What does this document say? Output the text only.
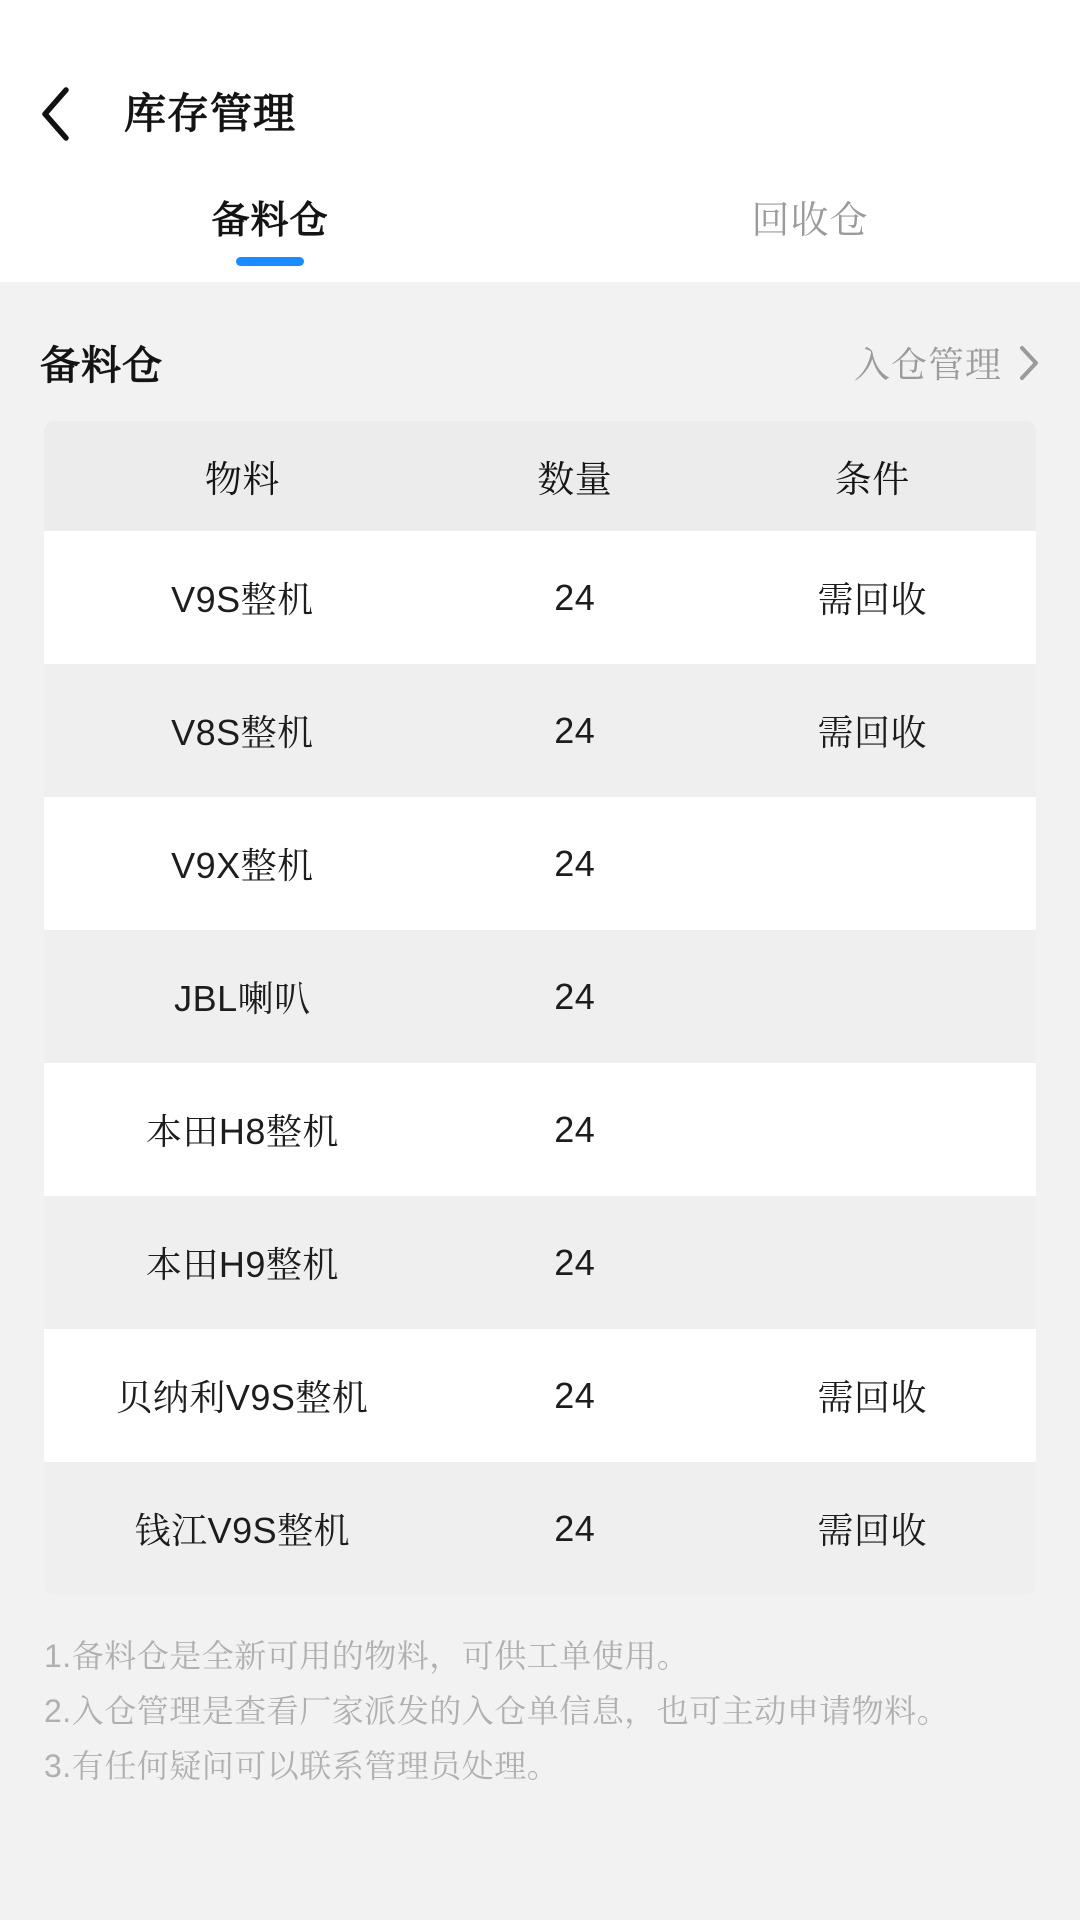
库存管理
备料仓	回收仓
备料仓	入仓管理
物料	数量	条件
V9S整机	24	需回收
V8S整机	24	需回收
V9X整机	24
JBL喇叭	24
本田H8整机	24
本田H9整机	24
贝纳利V9S整机	24	需回收
钱江V9S整机	24	需回收
1.备料仓是全新可用的物料，可供工单使用。
2.入仓管理是查看厂家派发的入仓单信息，也可主动申请物料。
3.有任何疑问可以联系管理员处理。
